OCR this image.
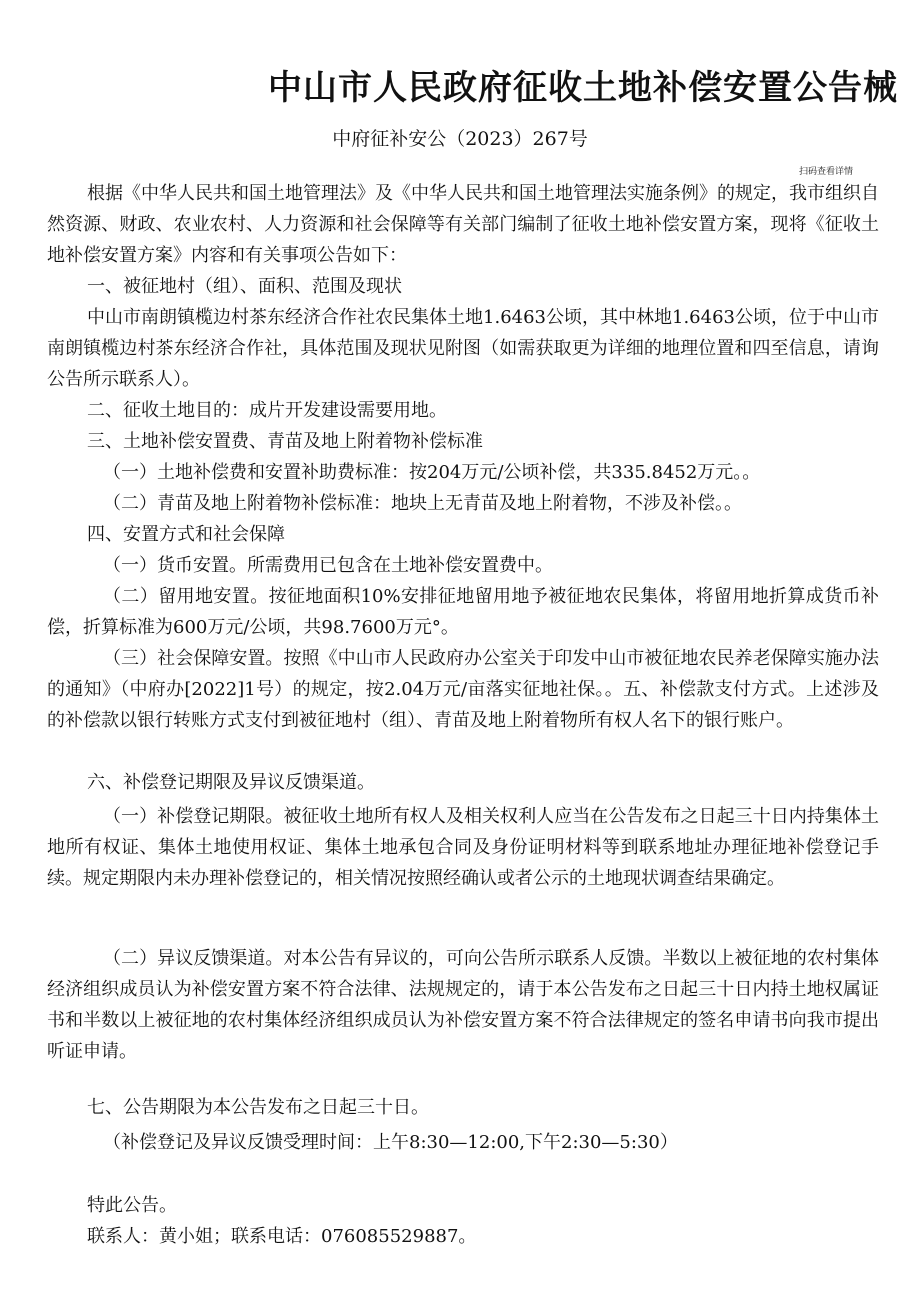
中山市人民政府征收土地补偿安置公告械
中府征补安公（2023）267号
扫码查看详情
根据《中华人民共和国土地管理法》及《中华人民共和国土地管理法实施条例》的规定，我市组织自然资源、财政、农业农村、人力资源和社会保障等有关部门编制了征收土地补偿安置方案，现将《征收土地补偿安置方案》内容和有关事项公告如下：
一、被征地村（组）、面积、范围及现状
中山市南朗镇榄边村茶东经济合作社农民集体土地1.6463公顷，其中林地1.6463公顷，位于中山市南朗镇榄边村茶东经济合作社，具体范围及现状见附图（如需获取更为详细的地理位置和四至信息，请询公告所示联系人）。
二、征收土地目的：成片开发建设需要用地。
三、土地补偿安置费、青苗及地上附着物补偿标准
（一）土地补偿费和安置补助费标准：按204万元/公顷补偿，共335.8452万元。。
（二）青苗及地上附着物补偿标准：地块上无青苗及地上附着物，不涉及补偿。。
四、安置方式和社会保障
（一）货币安置。所需费用已包含在土地补偿安置费中。
（二）留用地安置。按征地面积10%安排征地留用地予被征地农民集体，将留用地折算成货币补偿，折算标准为600万元/公顷，共98.7600万元°。
（三）社会保障安置。按照《中山市人民政府办公室关于印发中山市被征地农民养老保障实施办法的通知》（中府办[2022]1号）的规定，按2.04万元/亩落实征地社保。。五、补偿款支付方式。上述涉及的补偿款以银行转账方式支付到被征地村（组）、青苗及地上附着物所有权人名下的银行账户。
六、补偿登记期限及异议反馈渠道。
（一）补偿登记期限。被征收土地所有权人及相关权利人应当在公告发布之日起三十日内持集体土地所有权证、集体土地使用权证、集体土地承包合同及身份证明材料等到联系地址办理征地补偿登记手续。规定期限内未办理补偿登记的，相关情况按照经确认或者公示的土地现状调查结果确定。
（二）异议反馈渠道。对本公告有异议的，可向公告所示联系人反馈。半数以上被征地的农村集体经济组织成员认为补偿安置方案不符合法律、法规规定的，请于本公告发布之日起三十日内持土地权属证书和半数以上被征地的农村集体经济组织成员认为补偿安置方案不符合法律规定的签名申请书向我市提出听证申请。
七、公告期限为本公告发布之日起三十日。
（补偿登记及异议反馈受理时间：上午8:30—12:00,下午2:30—5:30）
特此公告。
联系人：黄小姐；联系电话：076085529887。
